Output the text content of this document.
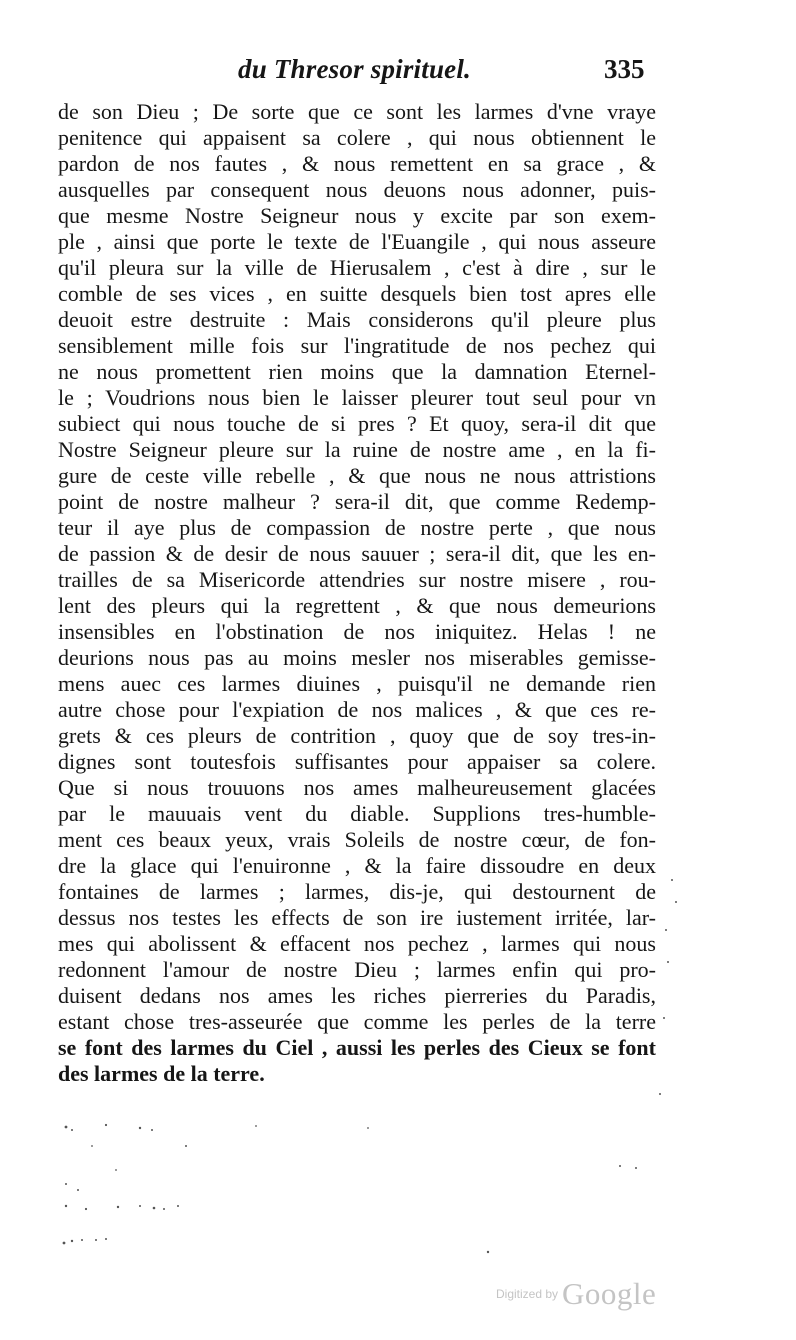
du Thresor spirituel.	335
de son Dieu ; De sorte que ce sont les larmes d'vne vraye
penitence qui appaisent sa colere , qui nous obtiennent le
pardon de nos fautes , & nous remettent en sa grace , &
ausquelles par consequent nous deuons nous adonner, puis-
que mesme Nostre Seigneur nous y excite par son exem-
ple , ainsi que porte le texte de l'Euangile , qui nous asseure
qu'il pleura sur la ville de Hierusalem , c'est à dire , sur le
comble de ses vices , en suitte desquels bien tost apres elle
deuoit estre destruite : Mais considerons qu'il pleure plus
sensiblement mille fois sur l'ingratitude de nos pechez qui
ne nous promettent rien moins que la damnation Eternel-
le ; Voudrions nous bien le laisser pleurer tout seul pour vn
subiect qui nous touche de si pres ? Et quoy, sera-il dit que
Nostre Seigneur pleure sur la ruine de nostre ame , en la fi-
gure de ceste ville rebelle , & que nous ne nous attristions
point de nostre malheur ? sera-il dit, que comme Redemp-
teur il aye plus de compassion de nostre perte , que nous
de passion & de desir de nous sauuer ; sera-il dit, que les en-
trailles de sa Misericorde attendries sur nostre misere , rou-
lent des pleurs qui la regrettent , & que nous demeurions
insensibles en l'obstination de nos iniquitez. Helas ! ne
deurions nous pas au moins mesler nos miserables gemisse-
mens auec ces larmes diuines , puisqu'il ne demande rien
autre chose pour l'expiation de nos malices , & que ces re-
grets & ces pleurs de contrition , quoy que de soy tres-in-
dignes sont toutesfois suffisantes pour appaiser sa colere.
Que si nous trouuons nos ames malheureusement glacées
par le mauuais vent du diable. Supplions tres-humble-
ment ces beaux yeux, vrais Soleils de nostre cœur, de fon-
dre la glace qui l'enuironne , & la faire dissoudre en deux
fontaines de larmes ; larmes, dis-je, qui destournent de
dessus nos testes les effects de son ire iustement irritée, lar-
mes qui abolissent & effacent nos pechez , larmes qui nous
redonnent l'amour de nostre Dieu ; larmes enfin qui pro-
duisent dedans nos ames les riches pierreries du Paradis,
estant chose tres-asseurée que comme les perles de la terre
se font des larmes du Ciel , aussi les perles des Cieux se font
des larmes de la terre.
Digitized by Google
